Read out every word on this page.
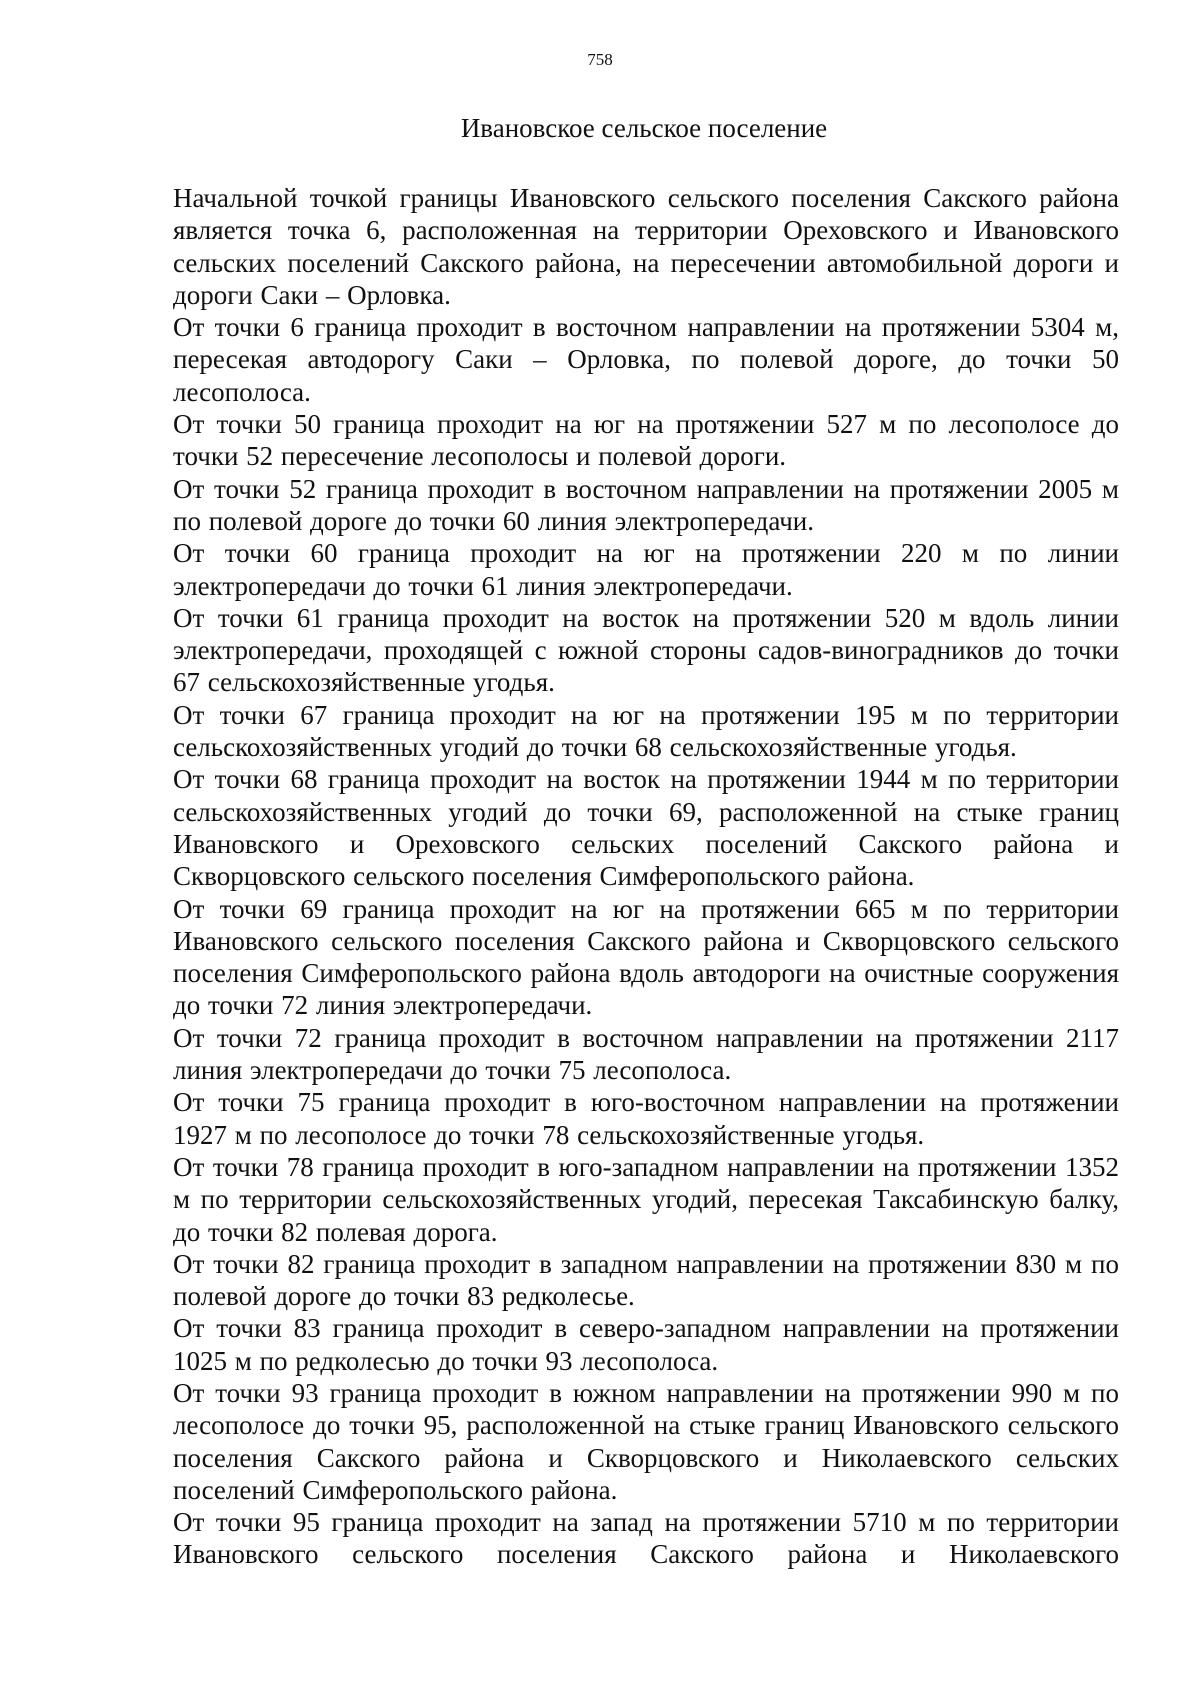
758
Ивановское сельское поселение

Начальной точкой границы Ивановского сельского поселения Сакского района является точка 6, расположенная на территории Ореховского и Ивановского сельских поселений Сакского района, на пересечении автомобильной дороги и дороги Саки – Орловка.

От точки 6 граница проходит в восточном направлении на протяжении 5304 м, пересекая автодорогу Саки – Орловка, по полевой дороге, до точки 50 лесополоса.

От точки 50 граница проходит на юг на протяжении 527 м по лесополосе до точки 52 пересечение лесополосы и полевой дороги.

От точки 52 граница проходит в восточном направлении на протяжении 2005 м по полевой дороге до точки 60 линия электропередачи.

От точки 60 граница проходит на юг на протяжении 220 м по линии электропередачи до точки 61 линия электропередачи.

От точки 61 граница проходит на восток на протяжении 520 м вдоль линии электропередачи, проходящей с южной стороны садов-виноградников до точки 67 сельскохозяйственные угодья.

От точки 67 граница проходит на юг на протяжении 195 м по территории сельскохозяйственных угодий до точки 68 сельскохозяйственные угодья.

От точки 68 граница проходит на восток на протяжении 1944 м по территории сельскохозяйственных угодий до точки 69, расположенной на стыке границ Ивановского и Ореховского сельских поселений Сакского района и Скворцовского сельского поселения Симферопольского района.

От точки 69 граница проходит на юг на протяжении 665 м по территории Ивановского сельского поселения Сакского района и Скворцовского сельского поселения Симферопольского района вдоль автодороги на очистные сооружения до точки 72 линия электропередачи.

От точки 72 граница проходит в восточном направлении на протяжении 2117 линия электропередачи до точки 75 лесополоса.

От точки 75 граница проходит в юго-восточном направлении на протяжении 1927 м по лесополосе до точки 78 сельскохозяйственные угодья.

От точки 78 граница проходит в юго-западном направлении на протяжении 1352 м по территории сельскохозяйственных угодий, пересекая Таксабинскую балку, до точки 82 полевая дорога.

От точки 82 граница проходит в западном направлении на протяжении 830 м по полевой дороге до точки 83 редколесье.

От точки 83 граница проходит в северо-западном направлении на протяжении 1025 м по редколесью до точки 93 лесополоса.

От точки 93 граница проходит в южном направлении на протяжении 990 м по лесополосе до точки 95, расположенной на стыке границ Ивановского сельского поселения Сакского района и Скворцовского и Николаевского сельских поселений Симферопольского района.

От точки 95 граница проходит на запад на протяжении 5710 м по территории Ивановского сельского поселения Сакского района и Николаевского
